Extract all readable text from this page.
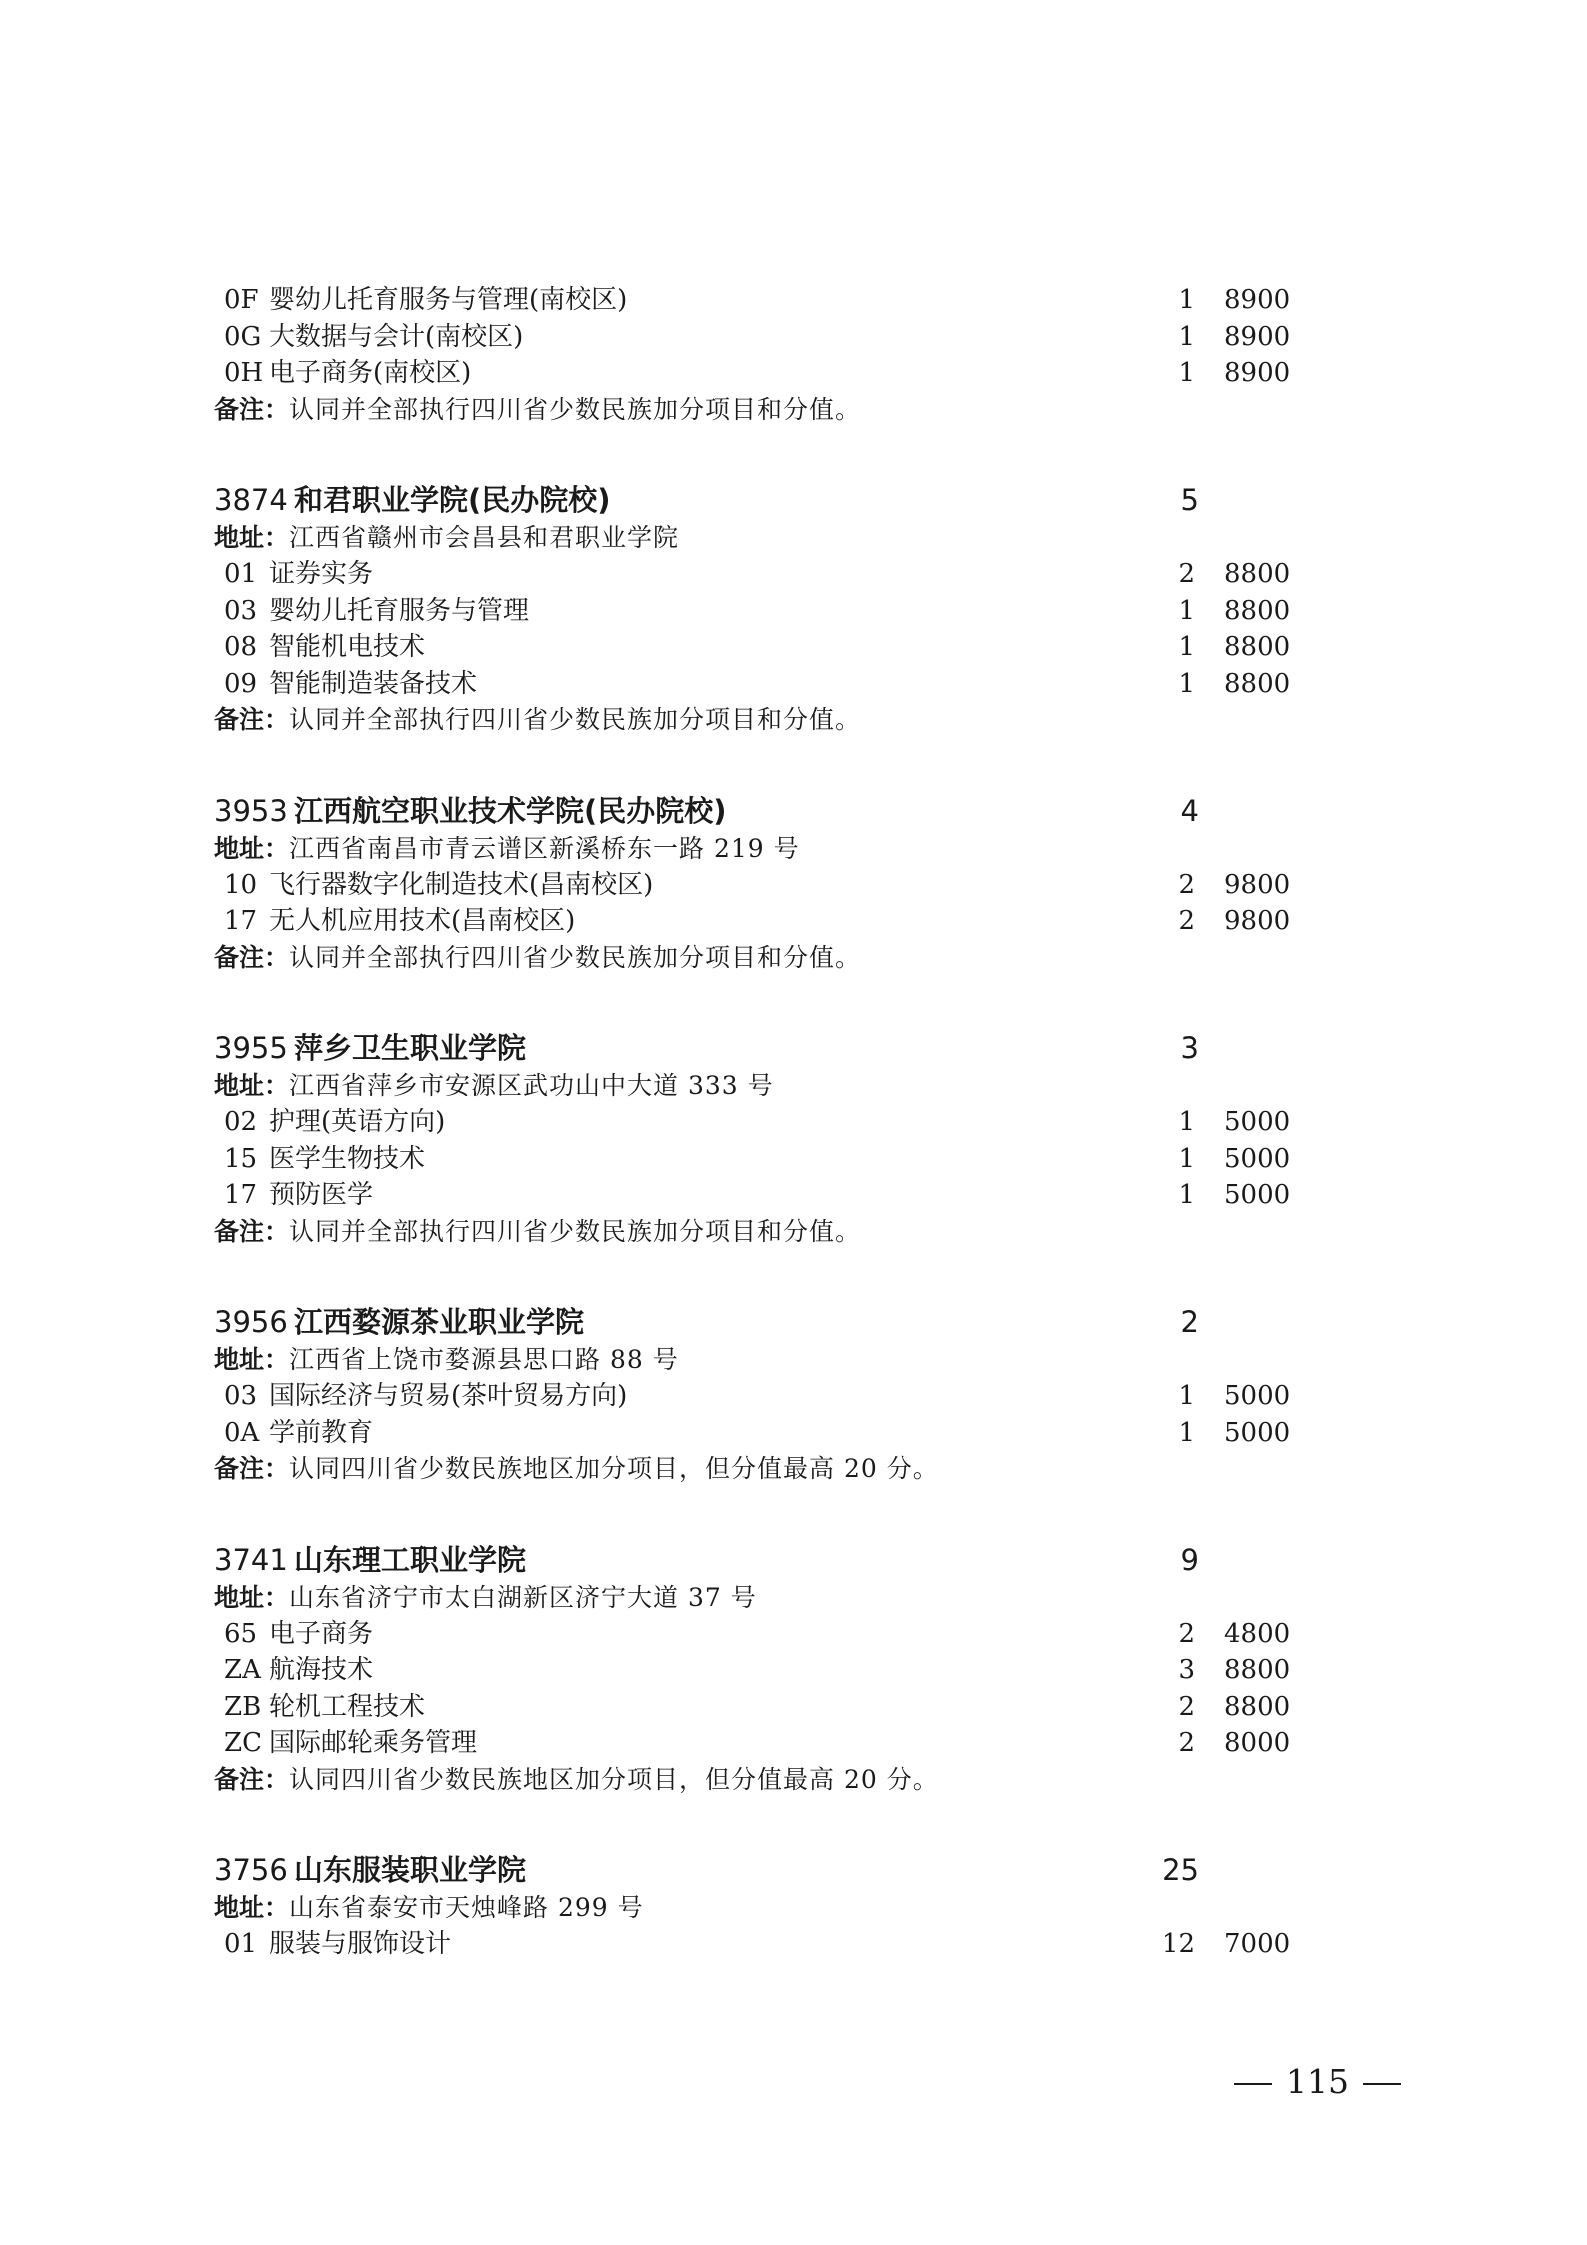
0F 婴幼儿托育服务与管理(南校区)	1 8900
0G 大数据与会计(南校区)	1 8900
0H 电子商务(南校区)	1 8900
备注：认同并全部执行四川省少数民族加分项目和分值。
3874 和君职业学院(民办院校)	5
地址：江西省赣州市会昌县和君职业学院
01 证券实务	2 8800
03 婴幼儿托育服务与管理	1 8800
08 智能机电技术	1 8800
09 智能制造装备技术	1 8800
备注：认同并全部执行四川省少数民族加分项目和分值。
3953 江西航空职业技术学院(民办院校)	4
地址：江西省南昌市青云谱区新溪桥东一路 219 号
10 飞行器数字化制造技术(昌南校区)	2 9800
17 无人机应用技术(昌南校区)	2 9800
备注：认同并全部执行四川省少数民族加分项目和分值。
3955 萍乡卫生职业学院	3
地址：江西省萍乡市安源区武功山中大道 333 号
02 护理(英语方向)	1 5000
15 医学生物技术	1 5000
17 预防医学	1 5000
备注：认同并全部执行四川省少数民族加分项目和分值。
3956 江西婺源茶业职业学院	2
地址：江西省上饶市婺源县思口路 88 号
03 国际经济与贸易(茶叶贸易方向)	1 5000
0A 学前教育	1 5000
备注：认同四川省少数民族地区加分项目，但分值最高 20 分。
3741 山东理工职业学院	9
地址：山东省济宁市太白湖新区济宁大道 37 号
65 电子商务	2 4800
ZA 航海技术	3 8800
ZB 轮机工程技术	2 8800
ZC 国际邮轮乘务管理	2 8000
备注：认同四川省少数民族地区加分项目，但分值最高 20 分。
3756 山东服装职业学院	25
地址：山东省泰安市天烛峰路 299 号
01 服装与服饰设计	12 7000
115
